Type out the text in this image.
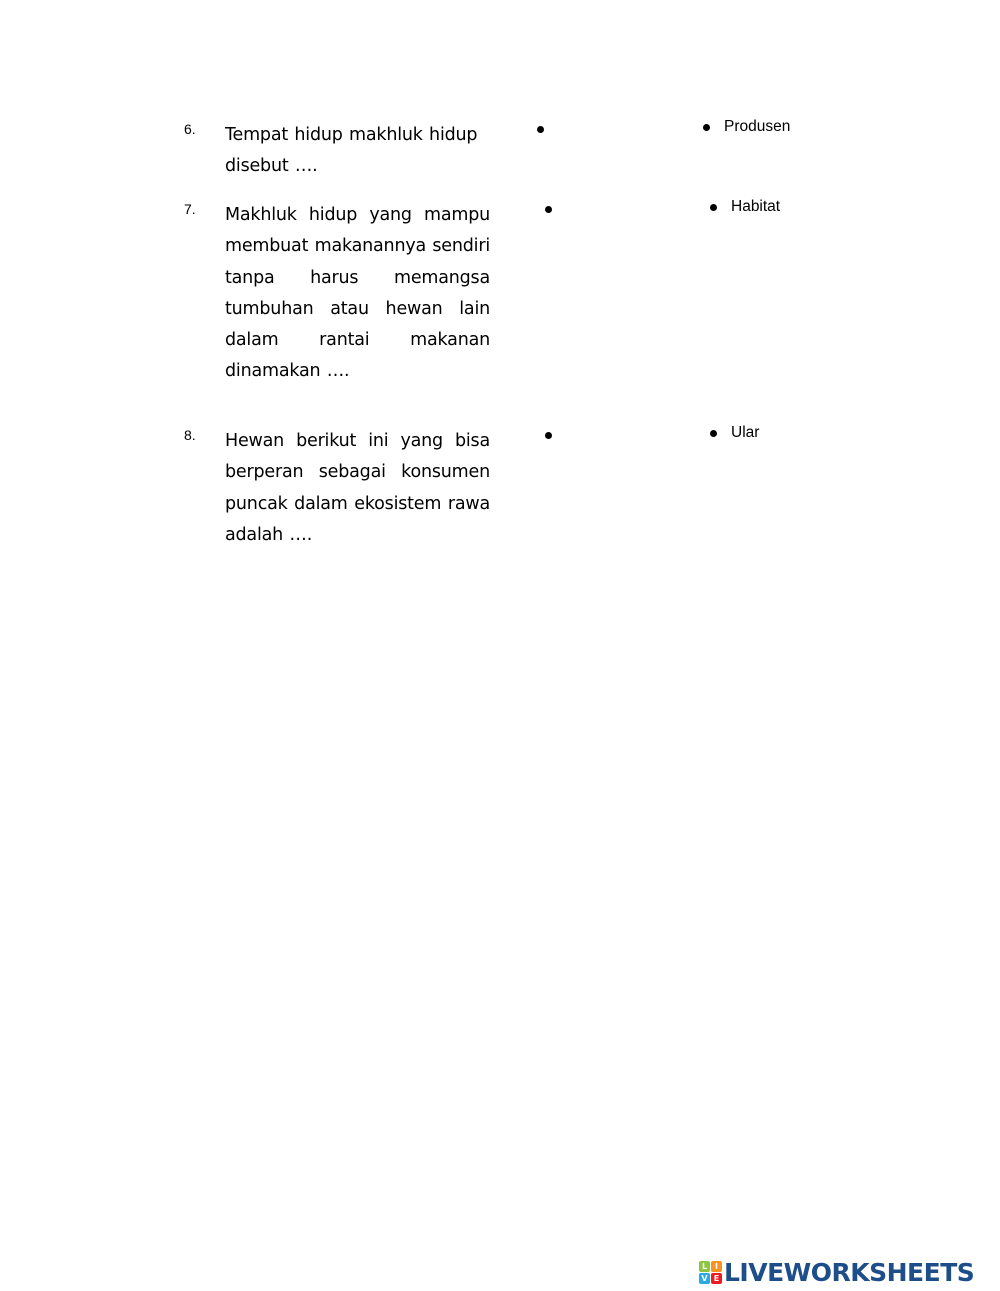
6. Tempat hidup makhluk hidup disebut ….
Produsen
7. Makhluk hidup yang mampu membuat makanannya sendiri tanpa harus memangsa tumbuhan atau hewan lain dalam rantai makanan dinamakan ….
Habitat
8. Hewan berikut ini yang bisa berperan sebagai konsumen puncak dalam ekosistem rawa adalah ….
Ular
L I
V E LIVEWORKSHEETS
